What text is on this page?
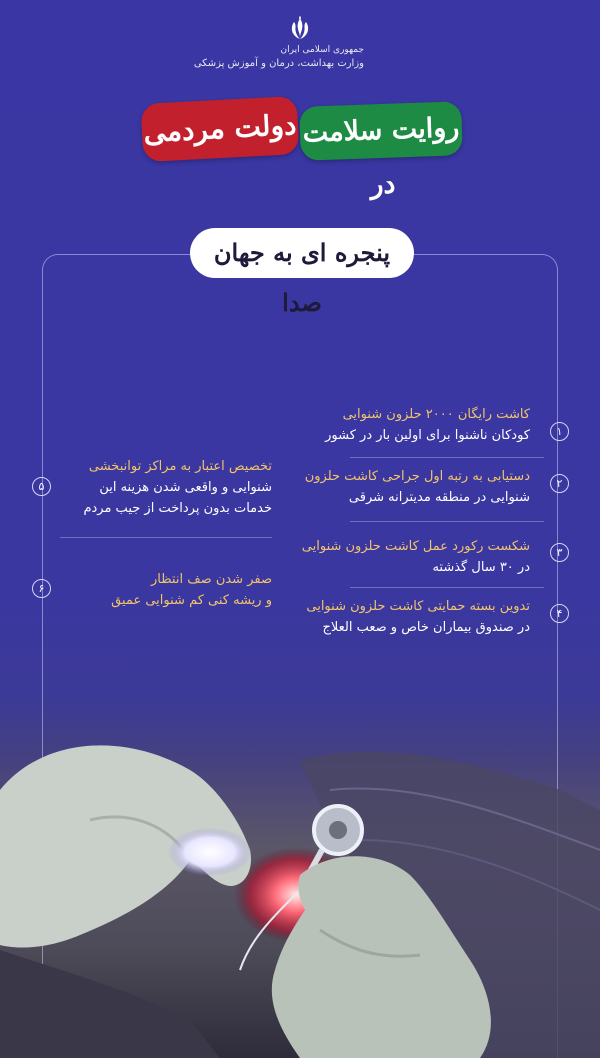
جمهوری اسلامی ایران
وزارت بهداشت، درمان و آموزش پزشکی
دولت مردمی روایت سلامت در
پنجره ای به جهان صدا
کاشت رایگان ۲۰۰۰ حلزون شنوایی
کودکان ناشنوا برای اولین بار در کشور	۱
دستیابی به رتبه اول جراحی کاشت حلزون
شنوایی در منطقه مدیترانه شرقی
۲
شکست رکورد عمل کاشت حلزون شنوایی
در ۳۰ سال گذشته
۳
تدوین بسته حمایتی کاشت حلزون شنوایی
در صندوق بیماران خاص و صعب العلاج
۴
تخصیص اعتبار به مراکز توانبخشی
شنوایی و واقعی شدن هزینه این
خدمات بدون پرداخت از جیب مردم
۵
صفر شدن صف انتظار
و ریشه کنی کم شنوایی عمیق
۶
